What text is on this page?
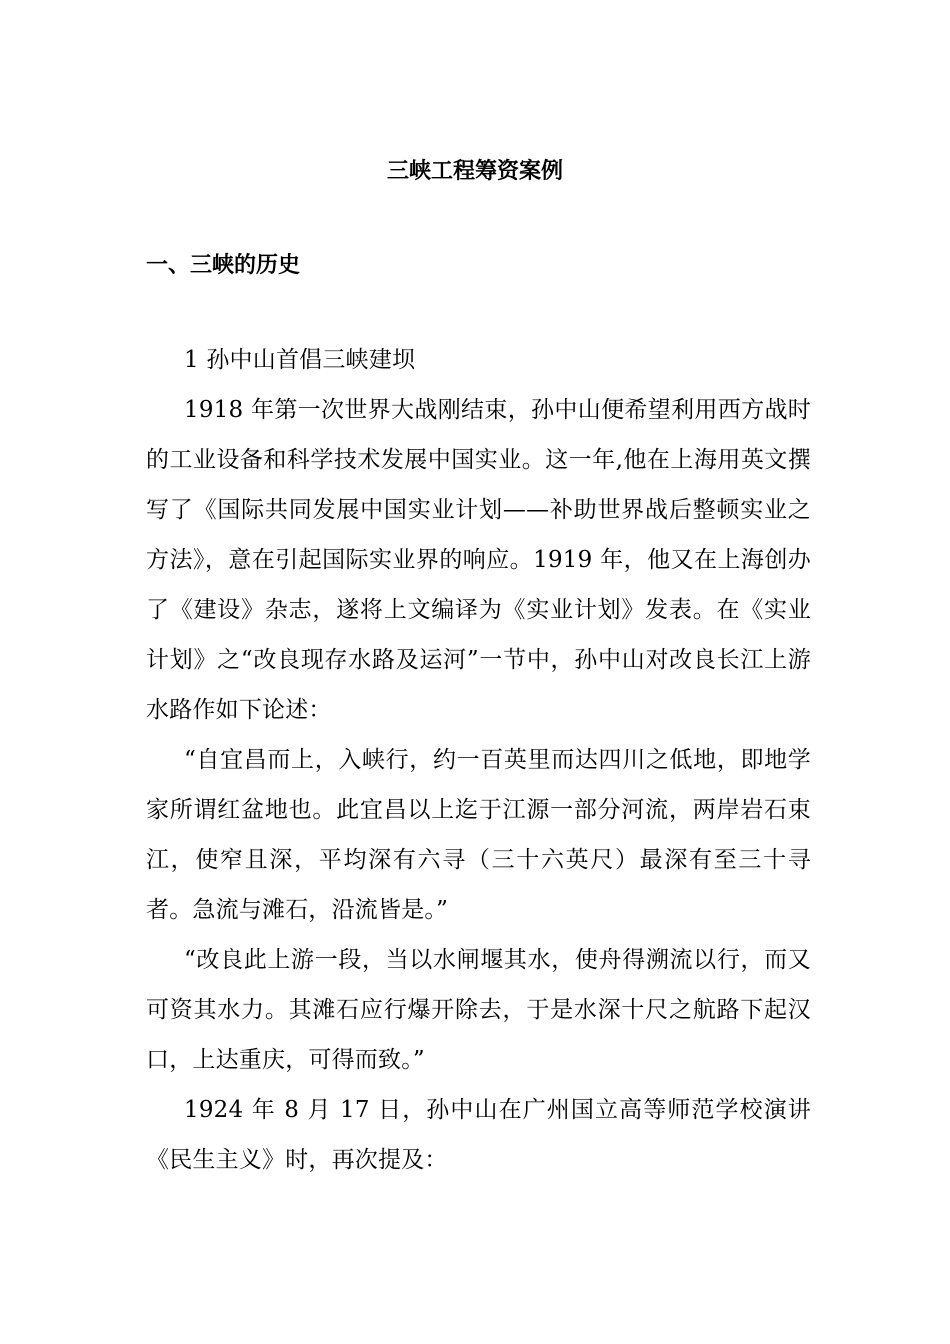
三峡工程筹资案例
一、三峡的历史

1 孙中山首倡三峡建坝

1918 年第一次世界大战刚结束，孙中山便希望利用西方战时的工业设备和科学技术发展中国实业。这一年,他在上海用英文撰写了《国际共同发展中国实业计划——补助世界战后整顿实业之方法》，意在引起国际实业界的响应。1919 年，他又在上海创办了《建设》杂志，遂将上文编译为《实业计划》发表。在《实业计划》之“改良现存水路及运河”一节中，孙中山对改良长江上游水路作如下论述：

“自宜昌而上，入峡行，约一百英里而达四川之低地，即地学家所谓红盆地也。此宜昌以上迄于江源一部分河流，两岸岩石束江，使窄且深，平均深有六寻（三十六英尺）最深有至三十寻者。急流与滩石，沿流皆是。”

“改良此上游一段，当以水闸堰其水，使舟得溯流以行，而又可资其水力。其滩石应行爆开除去，于是水深十尺之航路下起汉口，上达重庆，可得而致。”

1924 年 8 月 17 日，孙中山在广州国立高等师范学校演讲《民生主义》时，再次提及：
